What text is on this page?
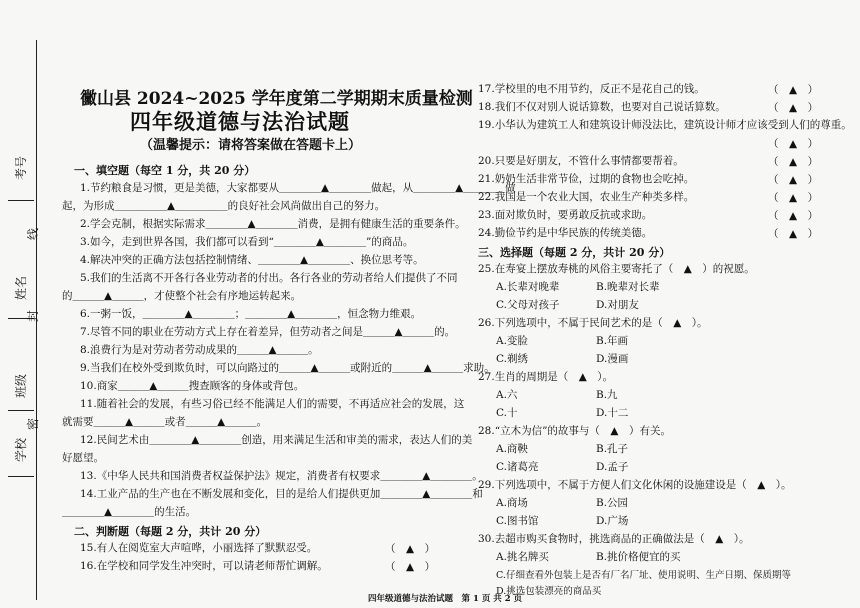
考号
线
姓名
封
班级
密
学校
黴山县 2024~2025 学年度第二学期期末质量检测
四年级道德与法治试题
（温馨提示：请将答案做在答题卡上）
一、填空题（每空 1 分，共 20 分）
1.节约粮食是习惯，更是美德，大家都要从＿＿＿＿▲＿＿＿＿做起，从＿＿＿＿▲＿＿＿＿做
起，为形成＿＿＿＿＿▲＿＿＿＿＿的良好社会风尚做出自己的努力。
2.学会克制，根据实际需求＿＿＿＿▲＿＿＿＿消费，是拥有健康生活的重要条件。
3.如今，走到世界各国，我们都可以看到“＿＿＿＿▲＿＿＿＿”的商品。
4.解决冲突的正确方法包括控制情绪、＿＿＿＿▲＿＿＿＿、换位思考等。
5.我们的生活离不开各行各业劳动者的付出。各行各业的劳动者给人们提供了不同
的＿＿＿▲＿＿＿，才使整个社会有序地运转起来。
6.一粥一饭，＿＿＿＿▲＿＿＿＿；＿＿＿＿▲＿＿＿＿，恒念物力维艰。
7.尽管不同的职业在劳动方式上存在着差异，但劳动者之间是＿＿＿▲＿＿＿的。
8.浪费行为是对劳动者劳动成果的＿＿＿▲＿＿＿。
9.当我们在校外受到欺负时，可以向路过的＿＿＿▲＿＿＿或附近的＿＿＿▲＿＿＿求助。
10.商家＿＿＿▲＿＿＿搜查顾客的身体或背包。
11.随着社会的发展，有些习俗已经不能满足人们的需要，不再适应社会的发展，这
就需要＿＿＿▲＿＿＿或者＿＿＿▲＿＿＿。
12.民间艺术由＿＿＿＿▲＿＿＿＿创造，用来满足生活和审美的需求，表达人们的美
好愿望。
13.《中华人民共和国消费者权益保护法》规定，消费者有权要求＿＿＿＿▲＿＿＿＿。
14.工业产品的生产也在不断发展和变化，目的是给人们提供更加＿＿＿＿▲＿＿＿＿和
＿＿＿＿▲＿＿＿＿的生活。
二、判断题（每题 2 分，共计 20 分）
15.有人在阅览室大声喧哗，小丽选择了默默忍受。	（　▲　）
16.在学校和同学发生冲突时，可以请老师帮忙调解。	（　▲　）
17.学校里的电不用节约，反正不是花自己的钱。	（　▲　）
18.我们不仅对别人说话算数，也要对自己说话算数。	（　▲　）
19.小华认为建筑工人和建筑设计师没法比，建筑设计师才应该受到人们的尊重。
（　▲　）
20.只要是好朋友，不管什么事情都要帮着。	（　▲　）
21.奶奶生活非常节俭，过期的食物也会吃掉。	（　▲　）
22.我国是一个农业大国，农业生产种类多样。	（　▲　）
23.面对欺负时，要勇敢反抗或求助。	（　▲　）
24.勤俭节约是中华民族的传统美德。	（　▲　）
三、选择题（每题 2 分，共计 20 分）
25.在寿宴上摆放寿桃的风俗主要寄托了（　▲　）的祝愿。
A.长辈对晚辈	B.晚辈对长辈
C.父母对孩子	D.对朋友
26.下列选项中，不属于民间艺术的是（　▲　）。
A.变脸	B.年画
C.剃绣	D.漫画
27.生肖的周期是（　▲　）。
A.六	B.九
C.十	D.十二
28.“立木为信”的故事与（　▲　）有关。
A.商鞅	B.孔子
C.诸葛亮	D.孟子
29.下列选项中，不属于方便人们文化休闲的设施建设是（　▲　）。
A.商场	B.公园
C.图书馆	D.广场
30.去超市购买食物时，挑选商品的正确做法是（　▲　）。
A.挑名牌买	B.挑价格便宜的买
C.仔细查看外包装上是否有厂名厂址、使用说明、生产日期、保质期等
D.挑选包装漂亮的商品买
四年级道德与法治试题　第 1 页 共 2 页
